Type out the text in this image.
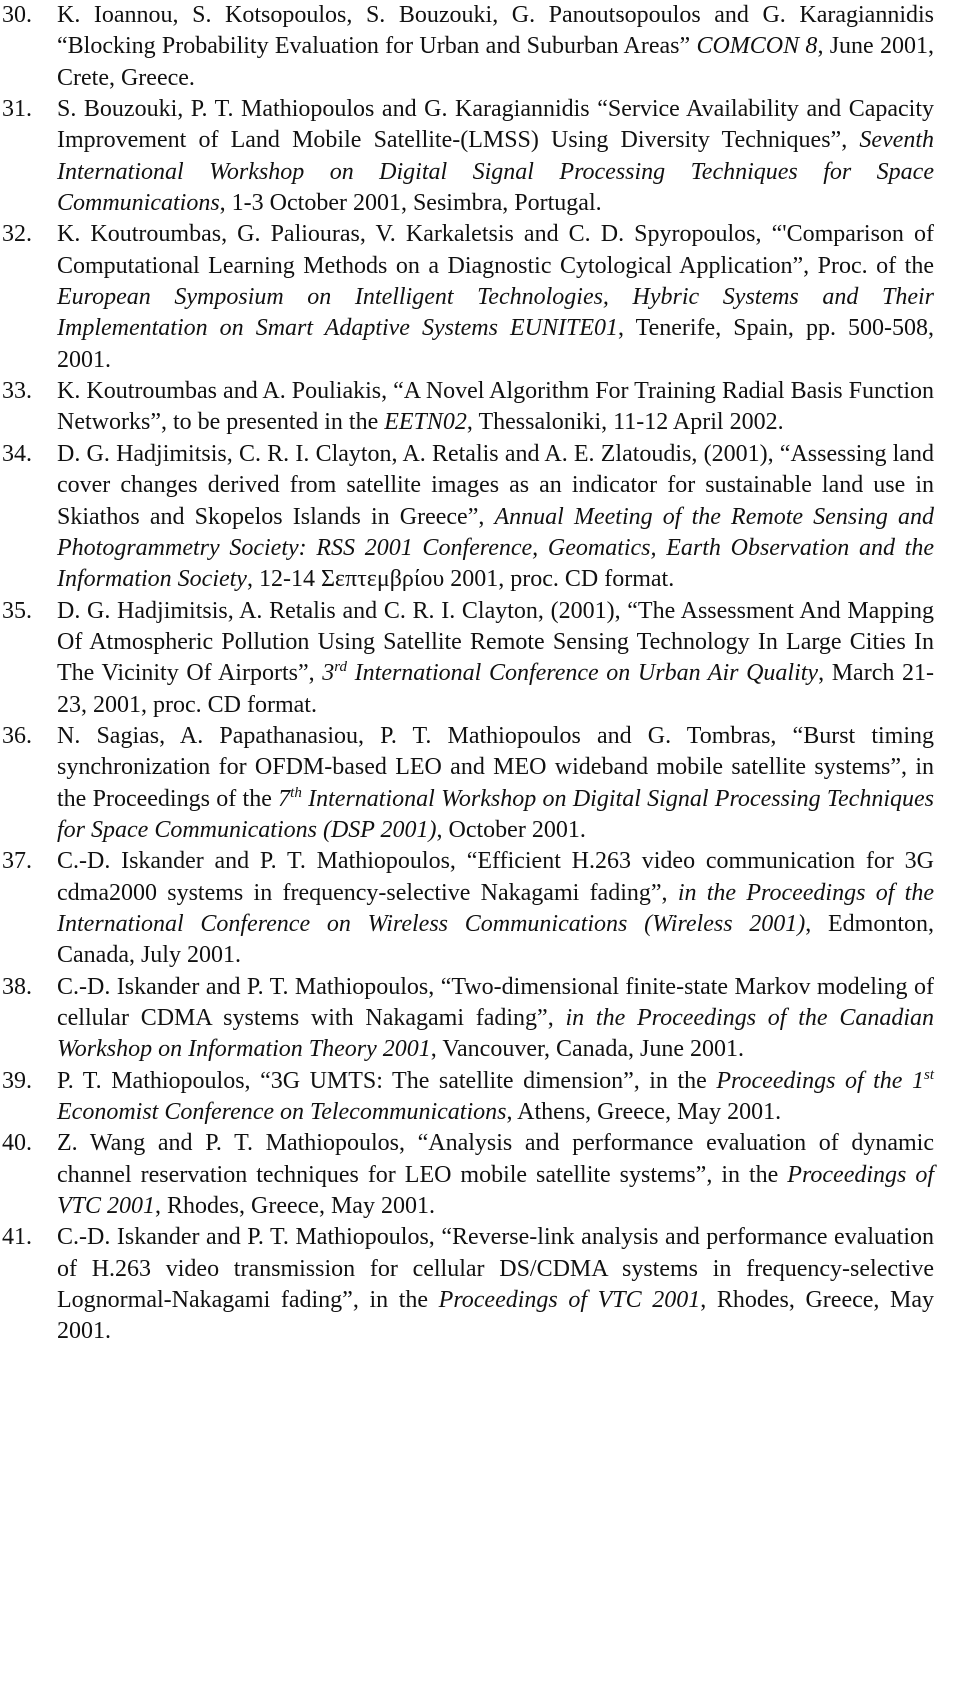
30. K. Ioannou, S. Kotsopoulos, S. Bouzouki, G. Panoutsopoulos and G. Karagiannidis “Blocking Probability Evaluation for Urban and Suburban Areas” COMCON 8, June 2001, Crete, Greece.
31. S. Bouzouki, P. T. Mathiopoulos and G. Karagiannidis “Service Availability and Capacity Improvement of Land Mobile Satellite-(LMSS) Using Diversity Techniques”, Seventh International Workshop on Digital Signal Processing Techniques for Space Communications, 1-3 October 2001, Sesimbra, Portugal.
32. K. Koutroumbas, G. Paliouras, V. Karkaletsis and C. D. Spyropoulos, “'Comparison of Computational Learning Methods on a Diagnostic Cytological Application”, Proc. of the European Symposium on Intelligent Technologies, Hybric Systems and Their Implementation on Smart Adaptive Systems EUNITE01, Tenerife, Spain, pp. 500-508, 2001.
33. K. Koutroumbas and A. Pouliakis, “A Novel Algorithm For Training Radial Basis Function Networks”, to be presented in the EETN02, Thessaloniki, 11-12 April 2002.
34. D. G. Hadjimitsis, C. R. I. Clayton, A. Retalis and A. E. Zlatoudis, (2001), “Assessing land cover changes derived from satellite images as an indicator for sustainable land use in Skiathos and Skopelos Islands in Greece”, Annual Meeting of the Remote Sensing and Photogrammetry Society: RSS 2001 Conference, Geomatics, Earth Observation and the Information Society, 12-14 Σεπτεμβρίου 2001, proc. CD format.
35. D. G. Hadjimitsis, A. Retalis and C. R. I. Clayton, (2001), “The Assessment And Mapping Of Atmospheric Pollution Using Satellite Remote Sensing Technology In Large Cities In The Vicinity Of Airports”, 3rd International Conference on Urban Air Quality, March 21-23, 2001, proc. CD format.
36. N. Sagias, A. Papathanasiou, P. T. Mathiopoulos and G. Tombras, “Burst timing synchronization for OFDM-based LEO and MEO wideband mobile satellite systems”, in the Proceedings of the 7th International Workshop on Digital Signal Processing Techniques for Space Communications (DSP 2001), October 2001.
37. C.-D. Iskander and P. T. Mathiopoulos, “Efficient H.263 video communication for 3G cdma2000 systems in frequency-selective Nakagami fading”, in the Proceedings of the International Conference on Wireless Communications (Wireless 2001), Edmonton, Canada, July 2001.
38. C.-D. Iskander and P. T. Mathiopoulos, “Two-dimensional finite-state Markov modeling of cellular CDMA systems with Nakagami fading”, in the Proceedings of the Canadian Workshop on Information Theory 2001, Vancouver, Canada, June 2001.
39. P. T. Mathiopoulos, “3G UMTS: The satellite dimension”, in the Proceedings of the 1st Economist Conference on Telecommunications, Athens, Greece, May 2001.
40. Z. Wang and P. T. Mathiopoulos, “Analysis and performance evaluation of dynamic channel reservation techniques for LEO mobile satellite systems”, in the Proceedings of VTC 2001, Rhodes, Greece, May 2001.
41. C.-D. Iskander and P. T. Mathiopoulos, “Reverse-link analysis and performance evaluation of H.263 video transmission for cellular DS/CDMA systems in frequency-selective Lognormal-Nakagami fading”, in the Proceedings of VTC 2001, Rhodes, Greece, May 2001.
